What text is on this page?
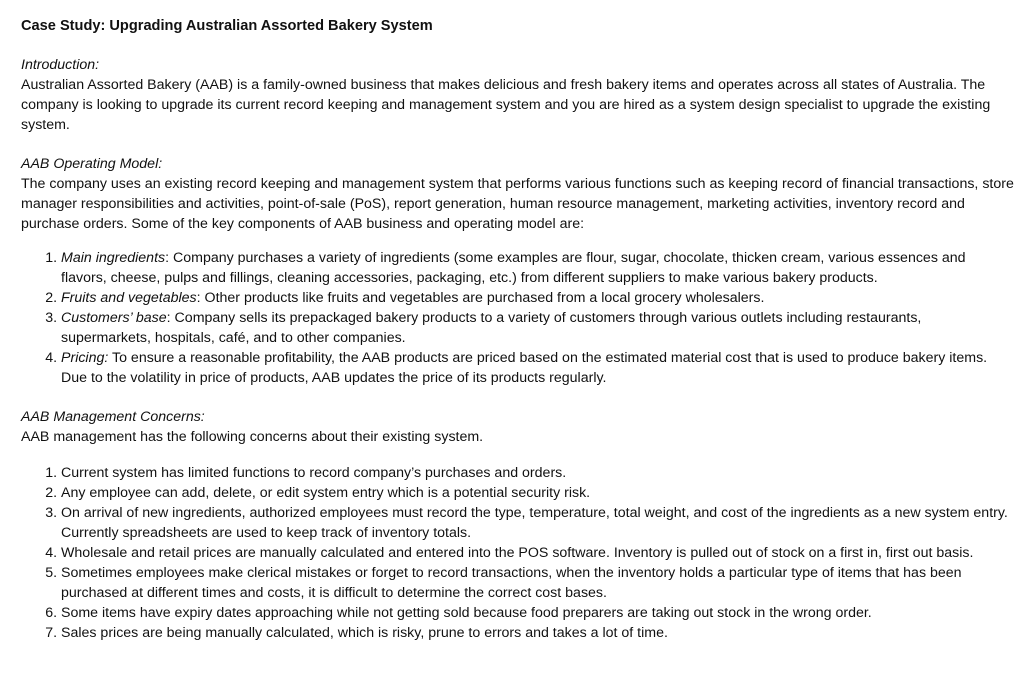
Case Study: Upgrading Australian Assorted Bakery System

Introduction:

Australian Assorted Bakery (AAB) is a family-owned business that makes delicious and fresh bakery items and operates across all states of Australia. The company is looking to upgrade its current record keeping and management system and you are hired as a system design specialist to upgrade the existing system.

AAB Operating Model:

The company uses an existing record keeping and management system that performs various functions such as keeping record of financial transactions, store manager responsibilities and activities, point-of-sale (PoS), report generation, human resource management, marketing activities, inventory record and purchase orders. Some of the key components of AAB business and operating model are:

1. Main ingredients: Company purchases a variety of ingredients (some examples are flour, sugar, chocolate, thicken cream, various essences and flavors, cheese, pulps and fillings, cleaning accessories, packaging, etc.) from different suppliers to make various bakery products.
2. Fruits and vegetables: Other products like fruits and vegetables are purchased from a local grocery wholesalers.
3. Customers’ base: Company sells its prepackaged bakery products to a variety of customers through various outlets including restaurants, supermarkets, hospitals, café, and to other companies.
4. Pricing: To ensure a reasonable profitability, the AAB products are priced based on the estimated material cost that is used to produce bakery items. Due to the volatility in price of products, AAB updates the price of its products regularly.

AAB Management Concerns:

AAB management has the following concerns about their existing system.

1. Current system has limited functions to record company’s purchases and orders.
2. Any employee can add, delete, or edit system entry which is a potential security risk.
3. On arrival of new ingredients, authorized employees must record the type, temperature, total weight, and cost of the ingredients as a new system entry. Currently spreadsheets are used to keep track of inventory totals.
4. Wholesale and retail prices are manually calculated and entered into the POS software. Inventory is pulled out of stock on a first in, first out basis.
5. Sometimes employees make clerical mistakes or forget to record transactions, when the inventory holds a particular type of items that has been purchased at different times and costs, it is difficult to determine the correct cost bases.
6. Some items have expiry dates approaching while not getting sold because food preparers are taking out stock in the wrong order.
7. Sales prices are being manually calculated, which is risky, prune to errors and takes a lot of time.
